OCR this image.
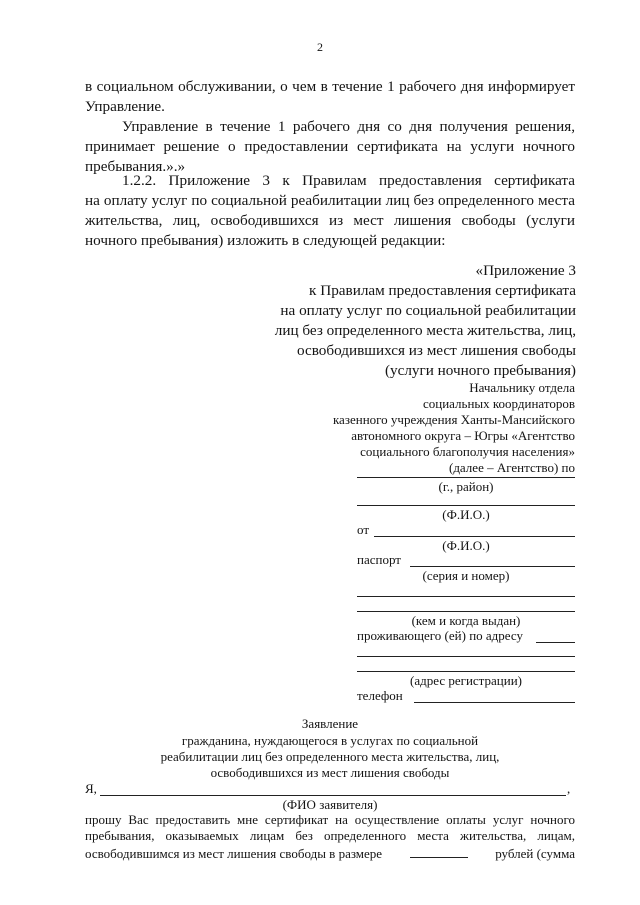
2
в социальном обслуживании, о чем в течение 1 рабочего дня информирует
Управление.
Управление в течение 1 рабочего дня со дня получения решения,
принимает решение о предоставлении сертификата на услуги ночного
пребывания.».»
1.2.2. Приложение 3 к Правилам предоставления сертификата
на оплату услуг по социальной реабилитации лиц без определенного места
жительства, лиц, освободившихся из мест лишения свободы (услуги
ночного пребывания) изложить в следующей редакции:
«Приложение 3
к Правилам предоставления сертификата
на оплату услуг по социальной реабилитации
лиц без определенного места жительства, лиц,
освободившихся из мест лишения свободы
(услуги ночного пребывания)
Начальнику отдела
социальных координаторов
казенного учреждения Ханты-Мансийского
автономного округа – Югры «Агентство
социального благополучия населения»
(далее – Агентство) по
(г., район)
(Ф.И.О.)
от
(Ф.И.О.)
паспорт
(серия и номер)
(кем и когда выдан)
проживающего (ей) по адресу
(адрес регистрации)
телефон
Заявление
гражданина, нуждающегося в услугах по социальной
реабилитации лиц без определенного места жительства, лиц,
освободившихся из мест лишения свободы
Я,	,
(ФИО заявителя)
прошу Вас предоставить мне сертификат на осуществление оплаты услуг ночного
пребывания, оказываемых лицам без определенного места жительства, лицам,
освободившимся из мест лишения свободы в размере	рублей (сумма
